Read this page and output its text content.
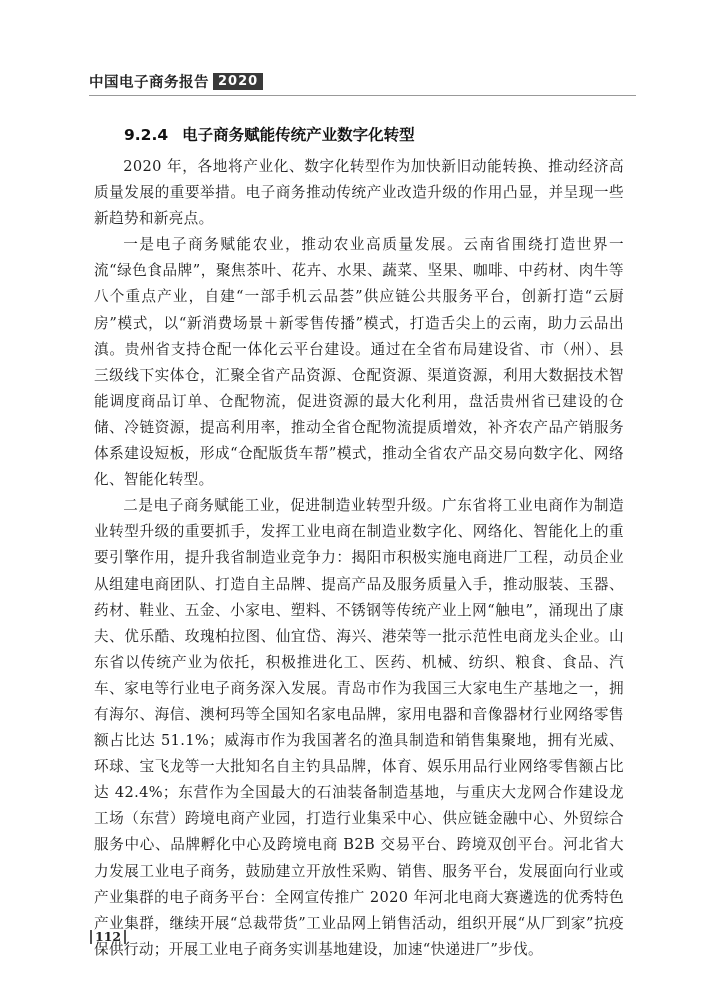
中国电子商务报告 2020
9.2.4 电子商务赋能传统产业数字化转型

2020 年，各地将产业化、数字化转型作为加快新旧动能转换、推动经济高质量发展的重要举措。电子商务推动传统产业改造升级的作用凸显，并呈现一些新趋势和新亮点。

一是电子商务赋能农业，推动农业高质量发展。云南省围绕打造世界一流“绿色食品牌”，聚焦茶叶、花卉、水果、蔬菜、坚果、咖啡、中药材、肉牛等八个重点产业，自建“一部手机云品荟”供应链公共服务平台，创新打造“云厨房”模式，以“新消费场景＋新零售传播”模式，打造舌尖上的云南，助力云品出滇。贵州省支持仓配一体化云平台建设。通过在全省布局建设省、市（州）、县三级线下实体仓，汇聚全省产品资源、仓配资源、渠道资源，利用大数据技术智能调度商品订单、仓配物流，促进资源的最大化利用，盘活贵州省已建设的仓储、冷链资源，提高利用率，推动全省仓配物流提质增效，补齐农产品产销服务体系建设短板，形成“仓配版货车帮”模式，推动全省农产品交易向数字化、网络化、智能化转型。

二是电子商务赋能工业，促进制造业转型升级。广东省将工业电商作为制造业转型升级的重要抓手，发挥工业电商在制造业数字化、网络化、智能化上的重要引擎作用，提升我省制造业竞争力：揭阳市积极实施电商进厂工程，动员企业从组建电商团队、打造自主品牌、提高产品及服务质量入手，推动服装、玉器、药材、鞋业、五金、小家电、塑料、不锈钢等传统产业上网“触电”，涌现出了康夫、优乐酷、玫瑰柏拉图、仙宜岱、海兴、港荣等一批示范性电商龙头企业。山东省以传统产业为依托，积极推进化工、医药、机械、纺织、粮食、食品、汽车、家电等行业电子商务深入发展。青岛市作为我国三大家电生产基地之一，拥有海尔、海信、澳柯玛等全国知名家电品牌，家用电器和音像器材行业网络零售额占比达 51.1%；威海市作为我国著名的渔具制造和销售集聚地，拥有光威、环球、宝飞龙等一大批知名自主钓具品牌，体育、娱乐用品行业网络零售额占比达 42.4%；东营作为全国最大的石油装备制造基地，与重庆大龙网合作建设龙工场（东营）跨境电商产业园，打造行业集采中心、供应链金融中心、外贸综合服务中心、品牌孵化中心及跨境电商 B2B 交易平台、跨境双创平台。河北省大力发展工业电子商务，鼓励建立开放性采购、销售、服务平台，发展面向行业或产业集群的电子商务平台：全网宣传推广 2020 年河北电商大赛遴选的优秀特色产业集群，继续开展“总裁带货”工业品网上销售活动，组织开展“从厂到家”抗疫保供行动；开展工业电子商务实训基地建设，加速“快递进厂”步伐。

112
